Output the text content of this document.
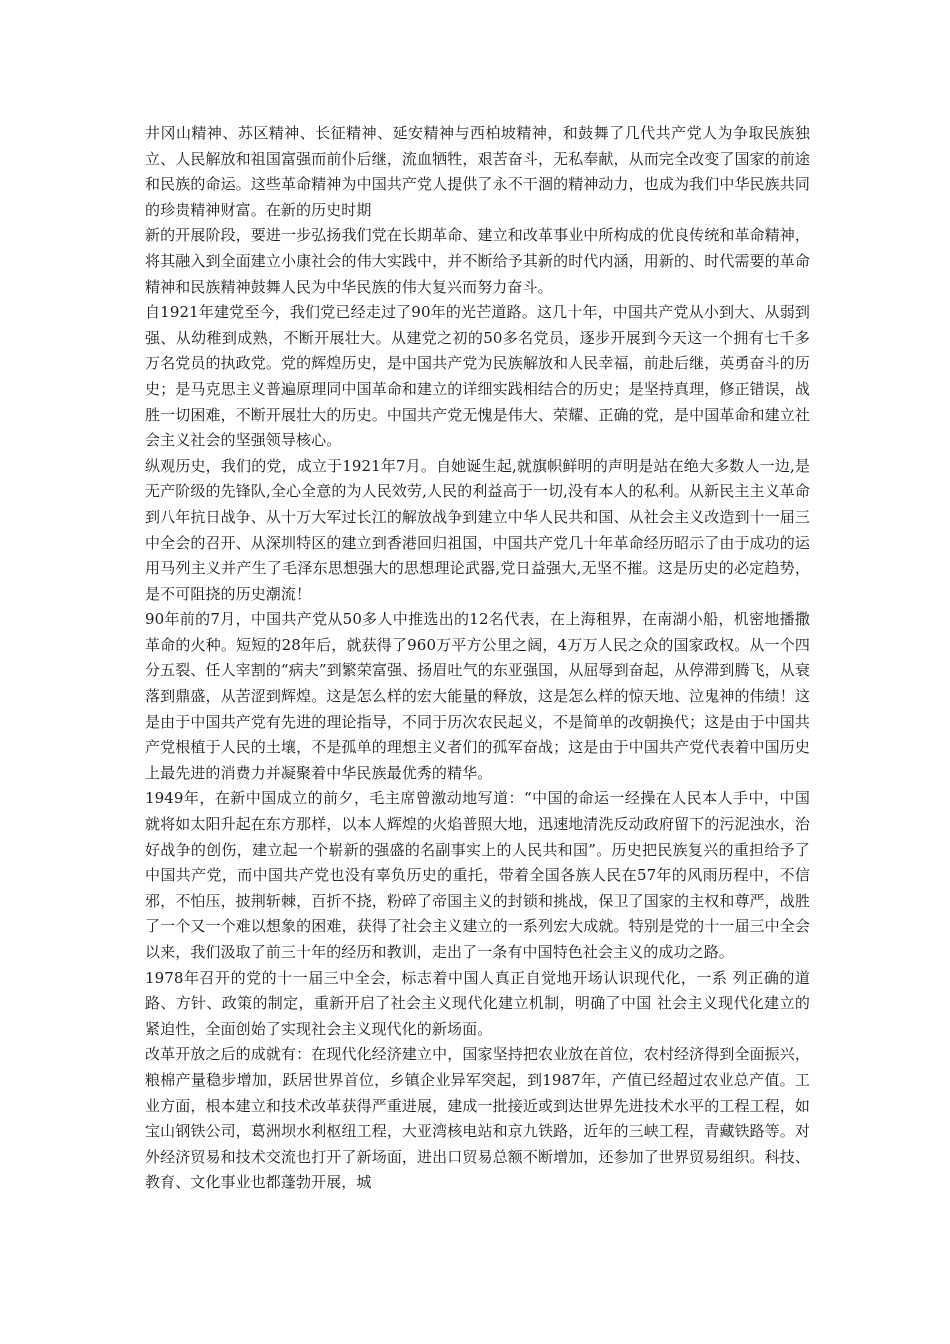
井冈山精神、苏区精神、长征精神、延安精神与西柏坡精神，和鼓舞了几代共产党人为争取民族独立、人民解放和祖国富强而前仆后继，流血牺牲，艰苦奋斗，无私奉献，从而完全改变了国家的前途和民族的命运。这些革命精神为中国共产党人提供了永不干涸的精神动力，也成为我们中华民族共同的珍贵精神财富。在新的历史时期

新的开展阶段，要进一步弘扬我们党在长期革命、建立和改革事业中所构成的优良传统和革命精神，将其融入到全面建立小康社会的伟大实践中，并不断给予其新的时代内涵，用新的、时代需要的革命精神和民族精神鼓舞人民为中华民族的伟大复兴而努力奋斗。

自1921年建党至今，我们党已经走过了90年的光芒道路。这几十年，中国共产党从小到大、从弱到强、从幼稚到成熟，不断开展壮大。从建党之初的50多名党员，逐步开展到今天这一个拥有七千多万名党员的执政党。党的辉煌历史，是中国共产党为民族解放和人民幸福，前赴后继，英勇奋斗的历史；是马克思主义普遍原理同中国革命和建立的详细实践相结合的历史；是坚持真理，修正错误，战胜一切困难，不断开展壮大的历史。中国共产党无愧是伟大、荣耀、正确的党，是中国革命和建立社会主义社会的坚强领导核心。

纵观历史，我们的党，成立于1921年7月。自她诞生起,就旗帜鲜明的声明是站在绝大多数人一边,是无产阶级的先锋队,全心全意的为人民效劳,人民的利益高于一切,没有本人的私利。从新民主主义革命到八年抗日战争、从十万大军过长江的解放战争到建立中华人民共和国、从社会主义改造到十一届三中全会的召开、从深圳特区的建立到香港回归祖国，中国共产党几十年革命经历昭示了由于成功的运用马列主义并产生了毛泽东思想强大的思想理论武器,党日益强大,无坚不摧。这是历史的必定趋势，是不可阻挠的历史潮流！

90年前的7月，中国共产党从50多人中推选出的12名代表，在上海租界，在南湖小船，机密地播撒革命的火种。短短的28年后，就获得了960万平方公里之阔，4万万人民之众的国家政权。从一个四分五裂、任人宰割的“病夫”到繁荣富强、扬眉吐气的东亚强国，从屈辱到奋起，从停滞到腾飞，从衰落到鼎盛，从苦涩到辉煌。这是怎么样的宏大能量的释放，这是怎么样的惊天地、泣鬼神的伟绩！这是由于中国共产党有先进的理论指导，不同于历次农民起义，不是简单的改朝换代；这是由于中国共产党根植于人民的土壤，不是孤单的理想主义者们的孤军奋战；这是由于中国共产党代表着中国历史上最先进的消费力并凝聚着中华民族最优秀的精华。

1949年，在新中国成立的前夕，毛主席曾激动地写道：“中国的命运一经操在人民本人手中，中国就将如太阳升起在东方那样，以本人辉煌的火焰普照大地，迅速地清洗反动政府留下的污泥浊水，治好战争的创伤，建立起一个崭新的强盛的名副事实上的人民共和国”。历史把民族复兴的重担给予了中国共产党，而中国共产党也没有辜负历史的重托，带着全国各族人民在57年的风雨历程中，不信邪，不怕压，披荆斩棘，百折不挠，粉碎了帝国主义的封锁和挑战，保卫了国家的主权和尊严，战胜了一个又一个难以想象的困难，获得了社会主义建立的一系列宏大成就。特别是党的十一届三中全会以来，我们汲取了前三十年的经历和教训，走出了一条有中国特色社会主义的成功之路。

1978年召开的党的十一届三中全会，标志着中国人真正自觉地开场认识现代化，一系 列正确的道路、方针、政策的制定，重新开启了社会主义现代化建立机制，明确了中国 社会主义现代化建立的紧迫性，全面创始了实现社会主义现代化的新场面。

改革开放之后的成就有：在现代化经济建立中，国家坚持把农业放在首位，农村经济得到全面振兴，粮棉产量稳步增加，跃居世界首位，乡镇企业异军突起，到1987年，产值已经超过农业总产值。工业方面，根本建立和技术改革获得严重进展，建成一批接近或到达世界先进技术水平的工程工程，如宝山钢铁公司，葛洲坝水利枢纽工程，大亚湾核电站和京九铁路，近年的三峡工程，青藏铁路等。对外经济贸易和技术交流也打开了新场面，进出口贸易总额不断增加，还参加了世界贸易组织。科技、教育、文化事业也都蓬勃开展，城
